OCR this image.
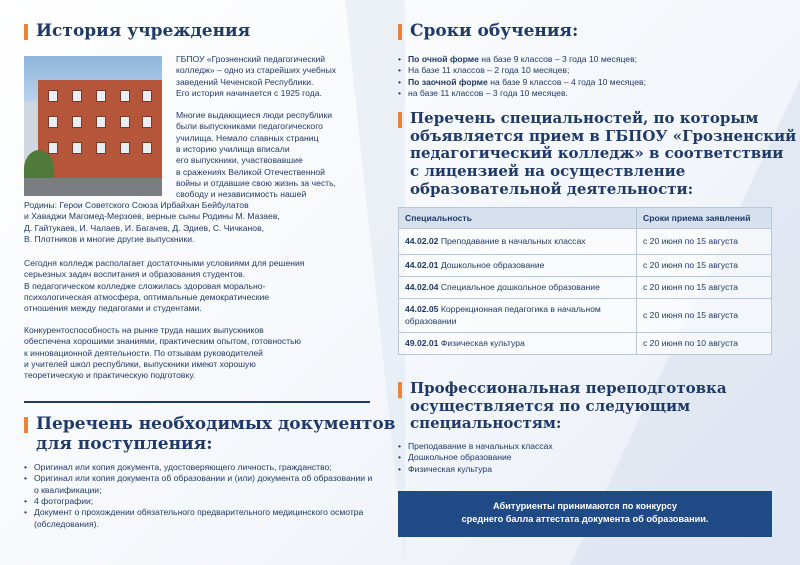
История учреждения
ГБПОУ «Грозненский педагогический
колледж» – одно из старейших учебных
заведений Чеченской Республики.
Его история начинается с 1925 года.
Многие выдающиеся люди республики
были выпускниками педагогического
училища. Немало славных страниц
в историю училища вписали
его выпускники, участвовавшие
в сражениях Великой Отечественной
войны и отдавшие свою жизнь за честь,
свободу и независимость нашей
Родины: Герои Советского Союза Ирбайхан Бейбулатов
и Хаваджи Магомед-Мерзоев, верные сыны Родины М. Мазаев,
Д. Гайтукаев, И. Чалаев, И. Багачев, Д. Эдиев, С. Чичканов,
В. Плотников и многие другие выпускники.
Сегодня колледж располагает достаточными условиями для решения
серьезных задач воспитания и образования студентов.
В педагогическом колледже сложилась здоровая морально-
психологическая атмосфера, оптимальные демократические
отношения между педагогами и студентами.
Конкурентоспособность на рынке труда наших выпускников
обеспечена хорошими знаниями, практическим опытом, готовностью
к инновационной деятельности. По отзывам руководителей
и учителей школ республики, выпускники имеют хорошую
теоретическую и практическую подготовку.
Перечень необходимых документов
для поступления:
• Оригинал или копия документа, удостоверяющего личность, гражданство;
• Оригинал или копия документа об образовании и (или) документа об образовании и о квалификации;
• 4 фотографии;
• Документ о прохождении обязательного предварительного медицинского осмотра (обследования).
Сроки обучения:
• По очной форме на базе 9 классов – 3 года 10 месяцев;
• На базе 11 классов – 2 года 10 месяцев;
• По заочной форме на базе 9 классов – 4 года 10 месяцев;
• на базе 11 классов – 3 года 10 месяцев.
Перечень специальностей, по которым
объявляется прием в ГБПОУ «Грозненский
педагогический колледж» в соответствии
с лицензией на осуществление
образовательной деятельности:
Специальность	Сроки приема заявлений
44.02.02 Преподавание в начальных классах	с 20 июня по 15 августа
44.02.01 Дошкольное образование	с 20 июня по 15 августа
44.02.04 Специальное дошкольное образование	с 20 июня по 15 августа
44.02.05 Коррекционная педагогика в начальном образовании	с 20 июня по 15 августа
49.02.01 Физическая культура	с 20 июня по 10 августа
Профессиональная переподготовка
осуществляется по следующим
специальностям:
• Преподавание в начальных классах
• Дошкольное образование
• Физическая культура
Абитуриенты принимаются по конкурсу
среднего балла аттестата документа об образовании.
